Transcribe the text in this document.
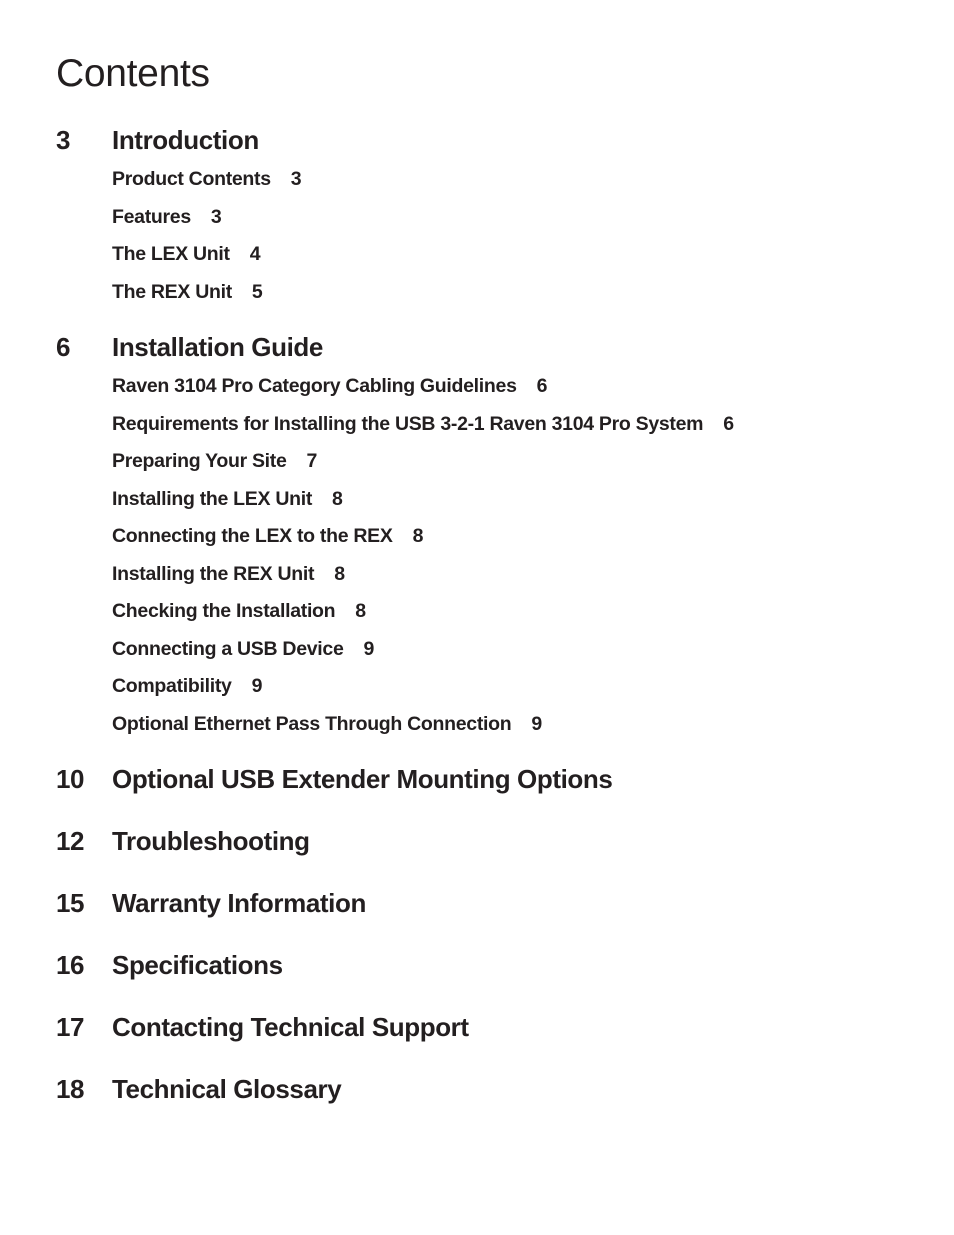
Contents
3	Introduction
Product Contents 3
Features 3
The LEX Unit 4
The REX Unit 5
6	Installation Guide
Raven 3104 Pro Category Cabling Guidelines 6
Requirements for Installing the USB 3-2-1 Raven 3104 Pro System 6
Preparing Your Site 7
Installing the LEX Unit 8
Connecting the LEX to the REX 8
Installing the REX Unit 8
Checking the Installation 8
Connecting a USB Device 9
Compatibility 9
Optional Ethernet Pass Through Connection 9
10	Optional USB Extender Mounting Options
12	Troubleshooting
15	Warranty Information
16	Specifications
17	Contacting Technical Support
18	Technical Glossary
